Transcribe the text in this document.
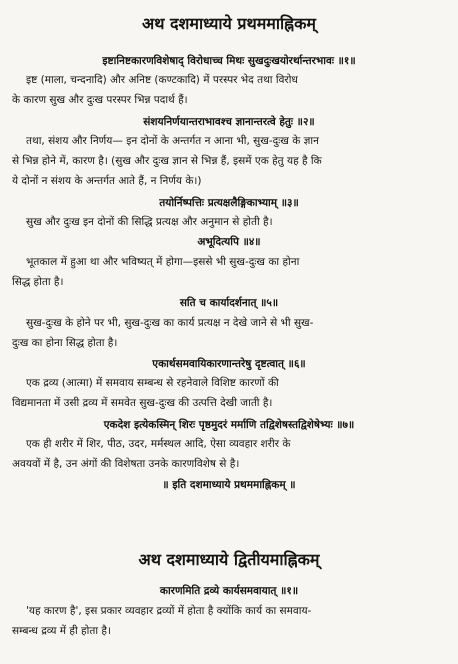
अथ दशमाध्याये प्रथममाह्निकम्
इष्टानिष्टकारणविशेषाद् विरोधाच्च मिथः सुखदुःखयोरर्थान्तरभावः ॥१॥
इष्ट (माला, चन्दनादि) और अनिष्ट (कण्टकादि) में परस्पर भेद तथा विरोध
के कारण सुख और दुःख परस्पर भिन्न पदार्थ हैं।
संशयनिर्णयान्तराभावश्च ज्ञानान्तरत्वे हेतुः ॥२॥
तथा, संशय और निर्णय— इन दोनों के अन्तर्गत न आना भी, सुख-दुःख के ज्ञान
से भिन्न होने में, कारण है। (सुख और दुःख ज्ञान से भिन्न हैं, इसमें एक हेतु यह है कि
ये दोनों न संशय के अन्तर्गत आते हैं, न निर्णय के।)
तयोर्निष्पत्तिः प्रत्यक्षलैङ्गिकाभ्याम् ॥३॥
सुख और दुःख इन दोनों की सिद्धि प्रत्यक्ष और अनुमान से होती है।
अभूदित्यपि ॥४॥
भूतकाल में हुआ था और भविष्यत् में होगा—इससे भी सुख-दुःख का होना
सिद्ध होता है।
सति च कार्यादर्शनात् ॥५॥
सुख-दुःख के होने पर भी, सुख-दुःख का कार्य प्रत्यक्ष न देखे जाने से भी सुख-
दुःख का होना सिद्ध होता है।
एकार्थसमवायिकारणान्तरेषु दृष्टत्वात् ॥६॥
एक द्रव्य (आत्मा) में समवाय सम्बन्ध से रहनेवाले विशिष्ट कारणों की
विद्यमानता में उसी द्रव्य में समवेत सुख-दुःख की उत्पत्ति देखी जाती है।
एकदेश इत्येकस्मिन् शिरः पृष्ठमुदरं मर्माणि तद्विशेषस्तद्विशेषेभ्यः ॥७॥
एक ही शरीर में शिर, पीठ, उदर, मर्मस्थल आदि, ऐसा व्यवहार शरीर के
अवयवों में है, उन अंगों की विशेषता उनके कारणविशेष से है।
॥ इति दशमाध्याये प्रथममाह्निकम् ॥
अथ दशमाध्याये द्वितीयमाह्निकम्
कारणमिति द्रव्ये कार्यसमवायात् ॥१॥
'यह कारण है', इस प्रकार व्यवहार द्रव्यों में होता है क्योंकि कार्य का समवाय-
सम्बन्ध द्रव्य में ही होता है।
